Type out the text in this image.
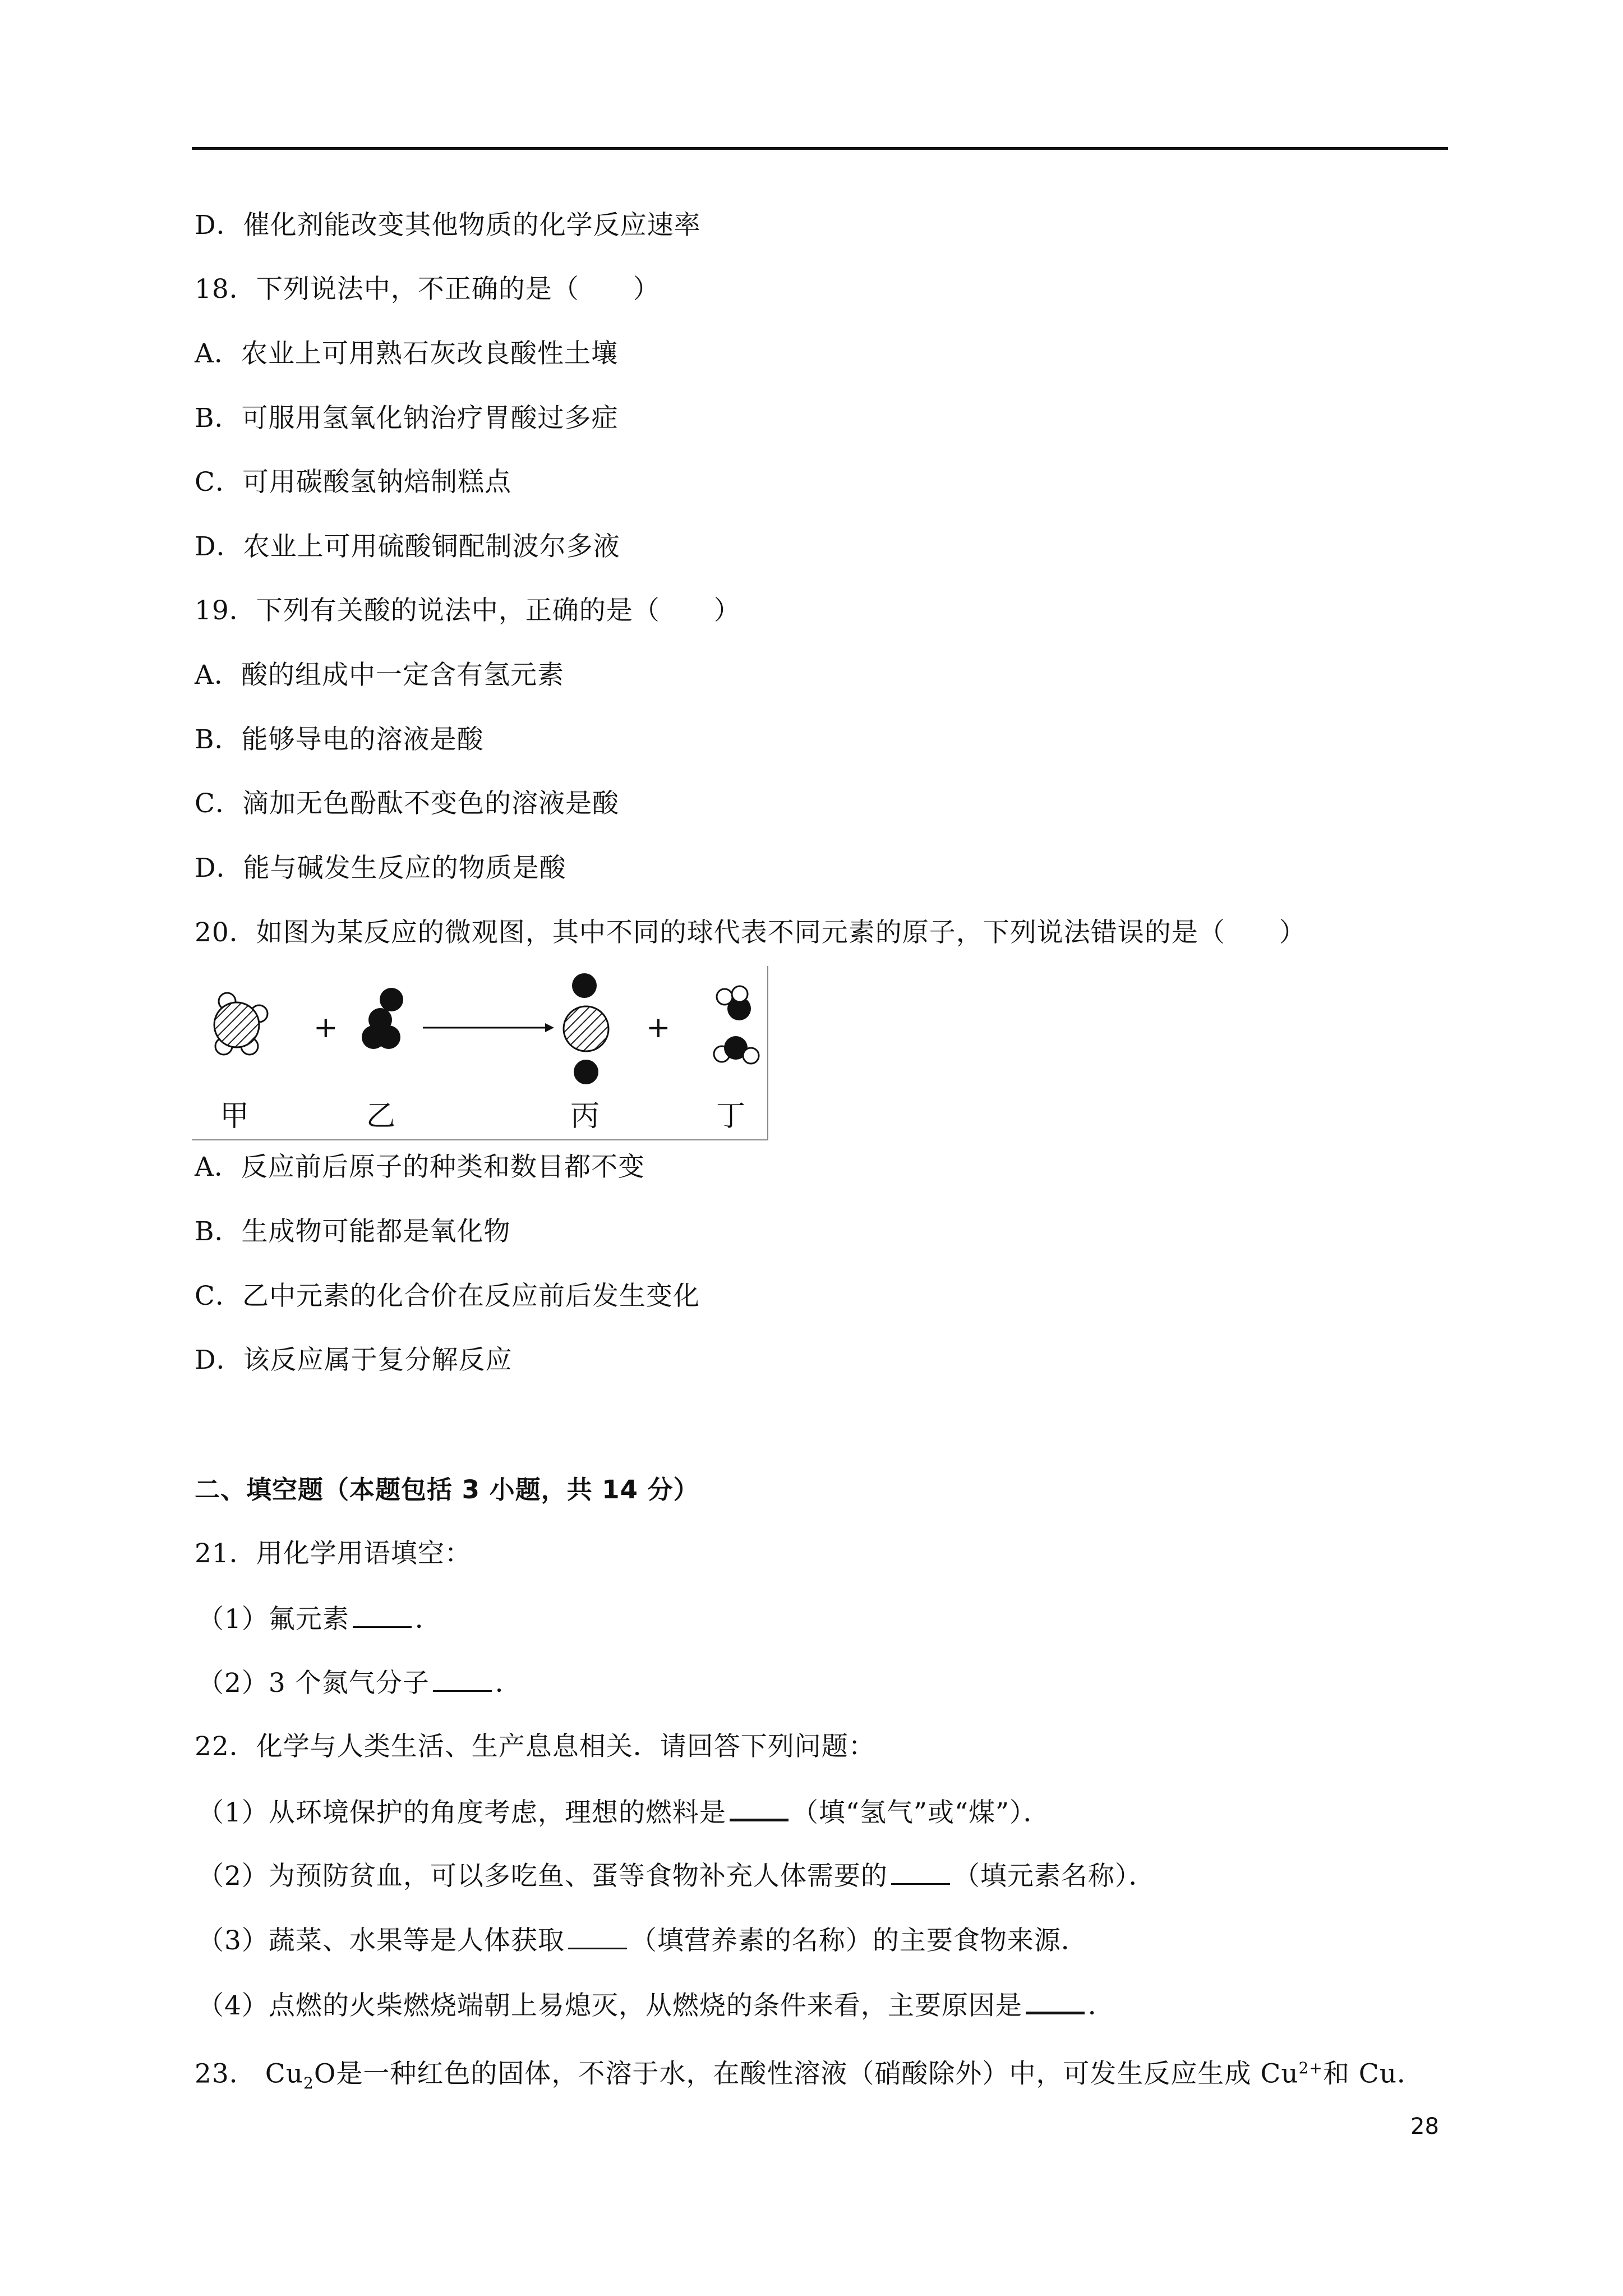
D．催化剂能改变其他物质的化学反应速率
18．下列说法中，不正确的是（　　）
A．农业上可用熟石灰改良酸性土壤
B．可服用氢氧化钠治疗胃酸过多症
C．可用碳酸氢钠焙制糕点
D．农业上可用硫酸铜配制波尔多液
19．下列有关酸的说法中，正确的是（　　）
A．酸的组成中一定含有氢元素
B．能够导电的溶液是酸
C．滴加无色酚酞不变色的溶液是酸
D．能与碱发生反应的物质是酸
20．如图为某反应的微观图，其中不同的球代表不同元素的原子，下列说法错误的是（　　）
+	+
甲	乙	丙	丁
A．反应前后原子的种类和数目都不变
B．生成物可能都是氧化物
C．乙中元素的化合价在反应前后发生变化
D．该反应属于复分解反应
二、填空题（本题包括 3 小题，共 14 分）
21．用化学用语填空：
（1）氟元素 ．
（2）3 个氮气分子 ．
22．化学与人类生活、生产息息相关．请回答下列问题：
（1）从环境保护的角度考虑，理想的燃料是 （填“氢气”或“煤”）．
（2）为预防贫血，可以多吃鱼、蛋等食物补充人体需要的 （填元素名称）．
（3）蔬菜、水果等是人体获取 （填营养素的名称）的主要食物来源．
（4）点燃的火柴燃烧端朝上易熄灭，从燃烧的条件来看，主要原因是 ．
23． $Cu_2O$是一种红色的固体，不溶于水，在酸性溶液（硝酸除外）中，可发生反应生成 $Cu^{2+}$和 Cu．
28
